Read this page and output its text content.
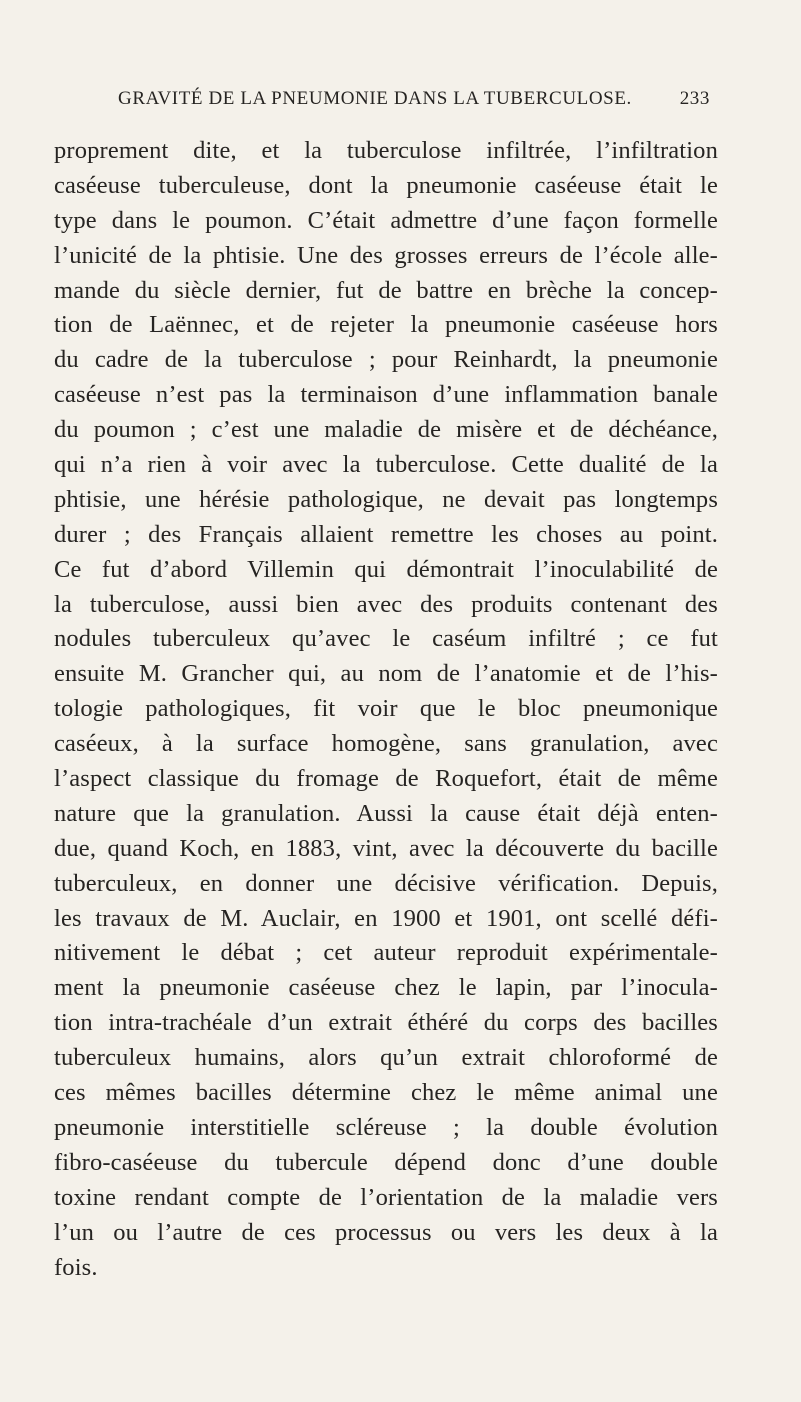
GRAVITÉ DE LA PNEUMONIE DANS LA TUBERCULOSE.	233
proprement dite, et la tuberculose infiltrée, l’infiltration
caséeuse tuberculeuse, dont la pneumonie caséeuse était le
type dans le poumon. C’était admettre d’une façon formelle
l’unicité de la phtisie. Une des grosses erreurs de l’école alle-
mande du siècle dernier, fut de battre en brèche la concep-
tion de Laënnec, et de rejeter la pneumonie caséeuse hors
du cadre de la tuberculose ; pour Reinhardt, la pneumonie
caséeuse n’est pas la terminaison d’une inflammation banale
du poumon ; c’est une maladie de misère et de déchéance,
qui n’a rien à voir avec la tuberculose. Cette dualité de la
phtisie, une hérésie pathologique, ne devait pas longtemps
durer ; des Français allaient remettre les choses au point.
Ce fut d’abord Villemin qui démontrait l’inoculabilité de
la tuberculose, aussi bien avec des produits contenant des
nodules tuberculeux qu’avec le caséum infiltré ; ce fut
ensuite M. Grancher qui, au nom de l’anatomie et de l’his-
tologie pathologiques, fit voir que le bloc pneumonique
caséeux, à la surface homogène, sans granulation, avec
l’aspect classique du fromage de Roquefort, était de même
nature que la granulation. Aussi la cause était déjà enten-
due, quand Koch, en 1883, vint, avec la découverte du bacille
tuberculeux, en donner une décisive vérification. Depuis,
les travaux de M. Auclair, en 1900 et 1901, ont scellé défi-
nitivement le débat ; cet auteur reproduit expérimentale-
ment la pneumonie caséeuse chez le lapin, par l’inocula-
tion intra-trachéale d’un extrait éthéré du corps des bacilles
tuberculeux humains, alors qu’un extrait chloroformé de
ces mêmes bacilles détermine chez le même animal une
pneumonie interstitielle scléreuse ; la double évolution
fibro-caséeuse du tubercule dépend donc d’une double
toxine rendant compte de l’orientation de la maladie vers
l’un ou l’autre de ces processus ou vers les deux à la
fois.
